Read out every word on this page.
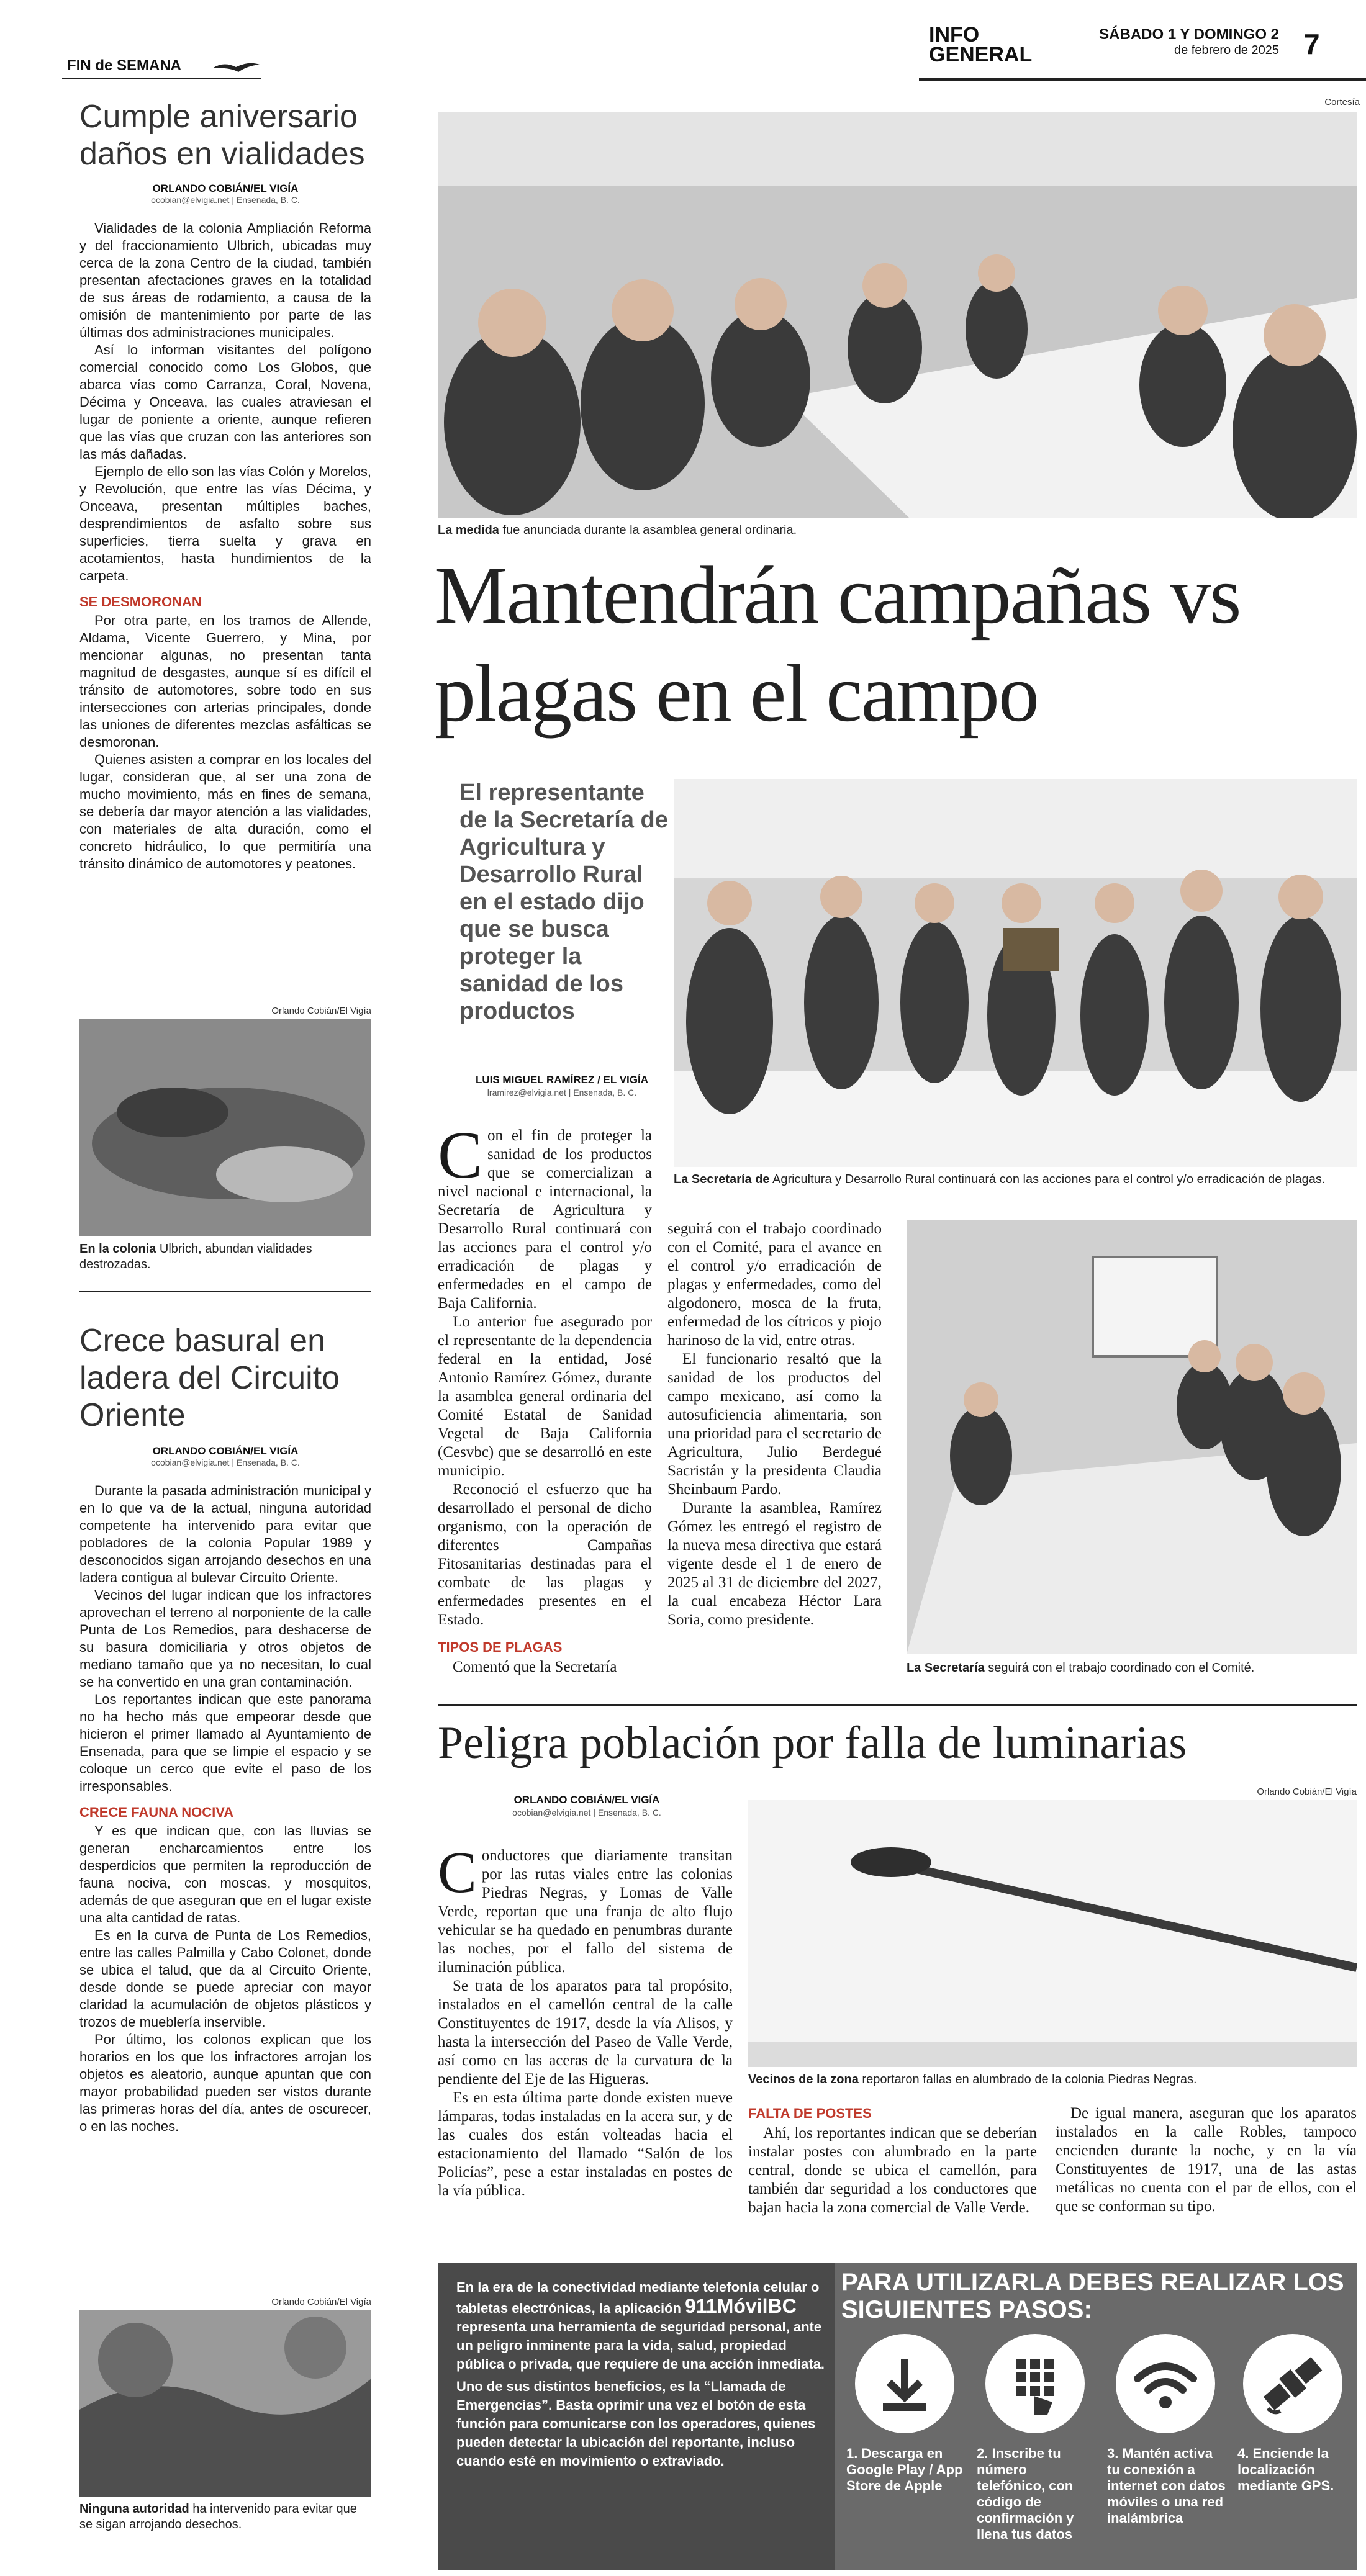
FIN de SEMANA
INFO
GENERAL
SÁBADO 1 Y DOMINGO 2
de febrero de 2025 7
Cumple aniversario daños en vialidades
ORLANDO COBIÁN/EL VIGÍA
ocobian@elvigia.net | Ensenada, B. C.

Vialidades de la colonia Ampliación Reforma y del fraccionamiento Ulbrich, ubicadas muy cerca de la zona Centro de la ciudad, también presentan afectaciones graves en la totalidad de sus áreas de rodamiento, a causa de la omisión de mantenimiento por parte de las últimas dos administraciones municipales.

Así lo informan visitantes del polígono comercial conocido como Los Globos, que abarca vías como Carranza, Coral, Novena, Décima y Onceava, las cuales atraviesan el lugar de poniente a oriente, aunque refieren que las vías que cruzan con las anteriores son las más dañadas.

Ejemplo de ello son las vías Colón y Morelos, y Revolución, que entre las vías Décima, y Onceava, presentan múltiples baches, desprendimientos de asfalto sobre sus superficies, tierra suelta y grava en acotamientos, hasta hundimientos de la carpeta.

SE DESMORONAN

Por otra parte, en los tramos de Allende, Aldama, Vicente Guerrero, y Mina, por mencionar algunas, no presentan tanta magnitud de desgastes, aunque sí es difícil el tránsito de automotores, sobre todo en sus intersecciones con arterias principales, donde las uniones de diferentes mezclas asfálticas se desmoronan.

Quienes asisten a comprar en los locales del lugar, consideran que, al ser una zona de mucho movimiento, más en fines de semana, se debería dar mayor atención a las vialidades, con materiales de alta duración, como el concreto hidráulico, lo que permitiría una tránsito dinámico de automotores y peatones.

Orlando Cobián/El Vigía
En la colonia Ulbrich, abundan vialidades destrozadas.
Crece basural en ladera del Circuito Oriente
ORLANDO COBIÁN/EL VIGÍA
ocobian@elvigia.net | Ensenada, B. C.

Durante la pasada administración municipal y en lo que va de la actual, ninguna autoridad competente ha intervenido para evitar que pobladores de la colonia Popular 1989 y desconocidos sigan arrojando desechos en una ladera contigua al bulevar Circuito Oriente.

Vecinos del lugar indican que los infractores aprovechan el terreno al norponiente de la calle Punta de Los Remedios, para deshacerse de su basura domiciliaria y otros objetos de mediano tamaño que ya no necesitan, lo cual se ha convertido en una gran contaminación.

Los reportantes indican que este panorama no ha hecho más que empeorar desde que hicieron el primer llamado al Ayuntamiento de Ensenada, para que se limpie el espacio y se coloque un cerco que evite el paso de los irresponsables.

CRECE FAUNA NOCIVA

Y es que indican que, con las lluvias se generan encharcamientos entre los desperdicios que permiten la reproducción de fauna nociva, con moscas, y mosquitos, además de que aseguran que en el lugar existe una alta cantidad de ratas.

Es en la curva de Punta de Los Remedios, entre las calles Palmilla y Cabo Colonet, donde se ubica el talud, que da al Circuito Oriente, desde donde se puede apreciar con mayor claridad la acumulación de objetos plásticos y trozos de mueblería inservible.

Por último, los colonos explican que los horarios en los que los infractores arrojan los objetos es aleatorio, aunque apuntan que con mayor probabilidad pueden ser vistos durante las primeras horas del día, antes de oscurecer, o en las noches.

Orlando Cobián/El Vigía
Ninguna autoridad ha intervenido para evitar que se sigan arrojando desechos.
Cortesía
La medida fue anunciada durante la asamblea general ordinaria.
Mantendrán campañas vs plagas en el campo
El representante de la Secretaría de Agricultura y Desarrollo Rural en el estado dijo que se busca proteger la sanidad de los productos
LUIS MIGUEL RAMÍREZ / EL VIGÍA
lramirez@elvigia.net | Ensenada, B. C.
La Secretaría de Agricultura y Desarrollo Rural continuará con las acciones para el control y/o erradicación de plagas.

Con el fin de proteger la sanidad de los productos que se comercializan a nivel nacional e internacional, la Secretaría de Agricultura y Desarrollo Rural continuará con las acciones para el control y/o erradicación de plagas y enfermedades en el campo de Baja California.

Lo anterior fue asegurado por el representante de la dependencia federal en la entidad, José Antonio Ramírez Gómez, durante la asamblea general ordinaria del Comité Estatal de Sanidad Vegetal de Baja California (Cesvbc) que se desarrolló en este municipio.

Reconoció el esfuerzo que ha desarrollado el personal de dicho organismo, con la operación de diferentes Campañas Fitosanitarias destinadas para el combate de las plagas y enfermedades presentes en el Estado.

TIPOS DE PLAGAS

Comentó que la Secretaría

seguirá con el trabajo coordinado con el Comité, para el avance en el control y/o erradicación de plagas y enfermedades, como del algodonero, mosca de la fruta, enfermedad de los cítricos y piojo harinoso de la vid, entre otras.

El funcionario resaltó que la sanidad de los productos del campo mexicano, así como la autosuficiencia alimentaria, son una prioridad para el secretario de Agricultura, Julio Berdegué Sacristán y la presidenta Claudia Sheinbaum Pardo.

Durante la asamblea, Ramírez Gómez les entregó el registro de la nueva mesa directiva que estará vigente desde el 1 de enero de 2025 al 31 de diciembre del 2027, la cual encabeza Héctor Lara Soria, como presidente.

La Secretaría seguirá con el trabajo coordinado con el Comité.
Peligra población por falla de luminarias
ORLANDO COBIÁN/EL VIGÍA
ocobian@elvigia.net | Ensenada, B. C.
Orlando Cobián/El Vigía
Vecinos de la zona reportaron fallas en alumbrado de la colonia Piedras Negras.

Conductores que diariamente transitan por las rutas viales entre las colonias Piedras Negras, y Lomas de Valle Verde, reportan que una franja de alto flujo vehicular se ha quedado en penumbras durante las noches, por el fallo del sistema de iluminación pública.

Se trata de los aparatos para tal propósito, instalados en el camellón central de la calle Constituyentes de 1917, desde la vía Alisos, y hasta la intersección del Paseo de Valle Verde, así como en las aceras de la curvatura de la pendiente del Eje de las Higueras.

Es en esta última parte donde existen nueve lámparas, todas instaladas en la acera sur, y de las cuales dos están volteadas hacia el estacionamiento del llamado “Salón de los Policías”, pese a estar instaladas en postes de la vía pública.

FALTA DE POSTES

Ahí, los reportantes indican que se deberían instalar postes con alumbrado en la parte central, donde se ubica el camellón, para también dar seguridad a los conductores que bajan hacia la zona comercial de Valle Verde.

De igual manera, aseguran que los aparatos instalados en la calle Robles, tampoco encienden durante la noche, y en la vía Constituyentes de 1917, una de las astas metálicas no cuenta con el par de ellos, con el que se conforman su tipo.

En la era de la conectividad mediante telefonía celular o tabletas electrónicas, la aplicación 911MóvilBC representa una herramienta de seguridad personal, ante un peligro inminente para la vida, salud, propiedad pública o privada, que requiere de una acción inmediata.
Uno de sus distintos beneficios, es la “Llamada de Emergencias”. Basta oprimir una vez el botón de esta función para comunicarse con los operadores, quienes pueden detectar la ubicación del reportante, incluso cuando esté en movimiento o extraviado.
PARA UTILIZARLA DEBES REALIZAR LOS SIGUIENTES PASOS:
1. Descarga en Google Play / App Store de Apple
2. Inscribe tu número telefónico, con código de confirmación y llena tus datos
3. Mantén activa tu conexión a internet con datos móviles o una red inalámbrica
4. Enciende la localización mediante GPS.
